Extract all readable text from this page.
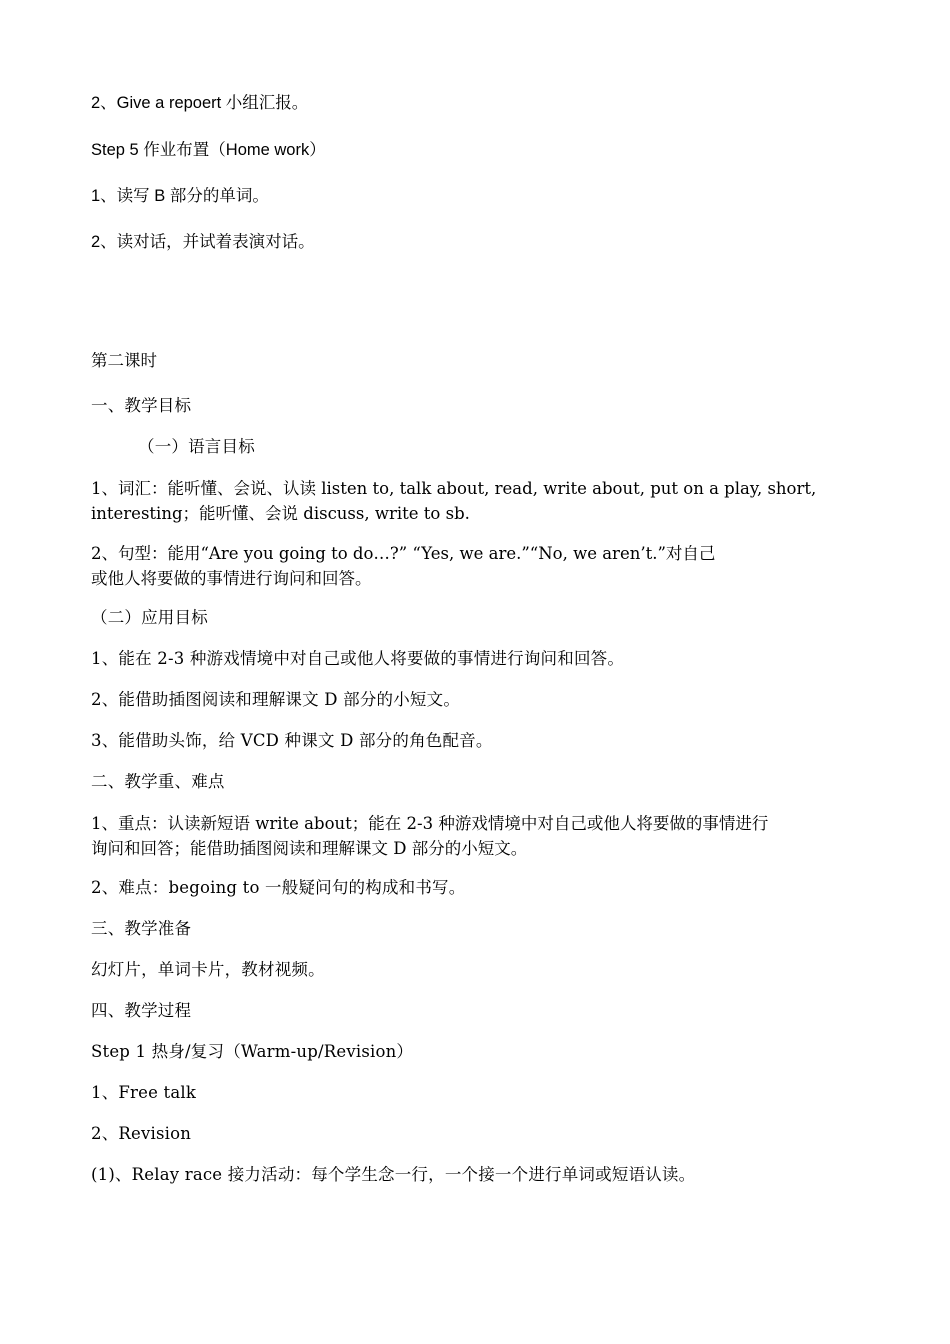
2、Give a repoert 小组汇报。
Step 5 作业布置（Home work）
1、读写 B 部分的单词。
2、读对话，并试着表演对话。
第二课时
一、教学目标
（一）语言目标
1、词汇：能听懂、会说、认读 listen to, talk about, read, write about, put on a play, short,
interesting；能听懂、会说 discuss, write to sb.
2、句型：能用“Are you going to do…?” “Yes, we are.”“No, we aren’t.”对自己
或他人将要做的事情进行询问和回答。
（二）应用目标
1、能在 2-3 种游戏情境中对自己或他人将要做的事情进行询问和回答。
2、能借助插图阅读和理解课文 D 部分的小短文。
3、能借助头饰，给 VCD 种课文 D 部分的角色配音。
二、教学重、难点
1、重点：认读新短语 write about；能在 2-3 种游戏情境中对自己或他人将要做的事情进行
询问和回答；能借助插图阅读和理解课文 D 部分的小短文。
2、难点：begoing to 一般疑问句的构成和书写。
三、教学准备
幻灯片，单词卡片，教材视频。
四、教学过程
Step 1 热身/复习（Warm-up/Revision）
1、Free talk
2、Revision
(1)、Relay race 接力活动：每个学生念一行，一个接一个进行单词或短语认读。
